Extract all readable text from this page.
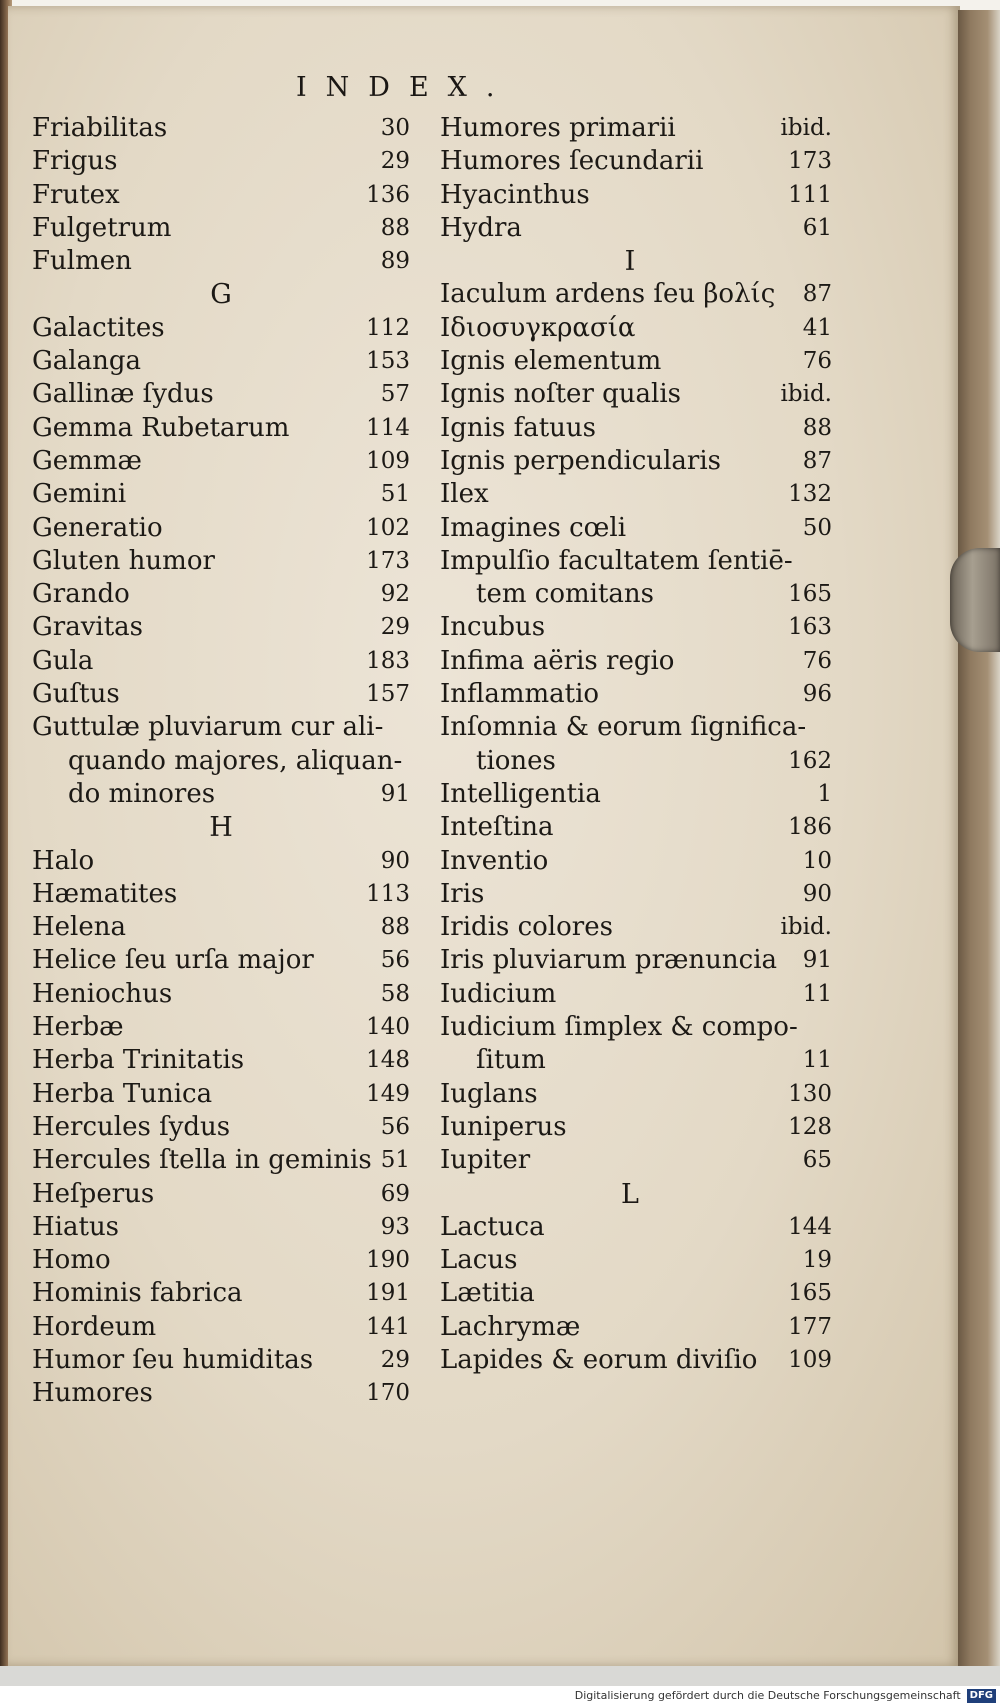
INDEX.
Friabilitas	30
Frigus	29
Frutex	136
Fulgetrum	88
Fulmen	89
G
Galactites	112
Galanga	153
Gallinæ ſydus	57
Gemma Rubetarum	114
Gemmæ	109
Gemini	51
Generatio	102
Gluten humor	173
Grando	92
Gravitas	29
Gula	183
Guſtus	157
Guttulæ pluviarum cur ali-
quando majores, aliquan-
do minores	91
H
Halo	90
Hæmatites	113
Helena	88
Helice ſeu urſa major	56
Heniochus	58
Herbæ	140
Herba Trinitatis	148
Herba Tunica	149
Hercules ſydus	56
Hercules ſtella in geminis 51
Heſperus	69
Hiatus	93
Homo	190
Hominis fabrica	191
Hordeum	141
Humor ſeu humiditas	29
Humores	170
Humores primarii	ibid.
Humores ſecundarii	173
Hyacinthus	111
Hydra	61
I
Iaculum ardens ſeu βολίς 87
Iδιοσυγκρασία	41
Ignis elementum	76
Ignis noſter qualis	ibid.
Ignis fatuus	88
Ignis perpendicularis	87
Ilex	132
Imagines cœli	50
Impulſio facultatem ſentiē-
tem comitans	165
Incubus	163
Infima aëris regio	76
Inflammatio	96
Inſomnia & eorum ſignifica-
tiones	162
Intelligentia	1
Inteſtina	186
Inventio	10
Iris	90
Iridis colores	ibid.
Iris pluviarum prænuncia 91
Iudicium	11
Iudicium ſimplex & compo-
ſitum	11
Iuglans	130
Iuniperus	128
Iupiter	65
L
Lactuca	144
Lacus	19
Lætitia	165
Lachrymæ	177
Lapides & eorum diviſio 109
Digitalisierung gefördert durch die Deutsche Forschungsgemeinschaft DFG
